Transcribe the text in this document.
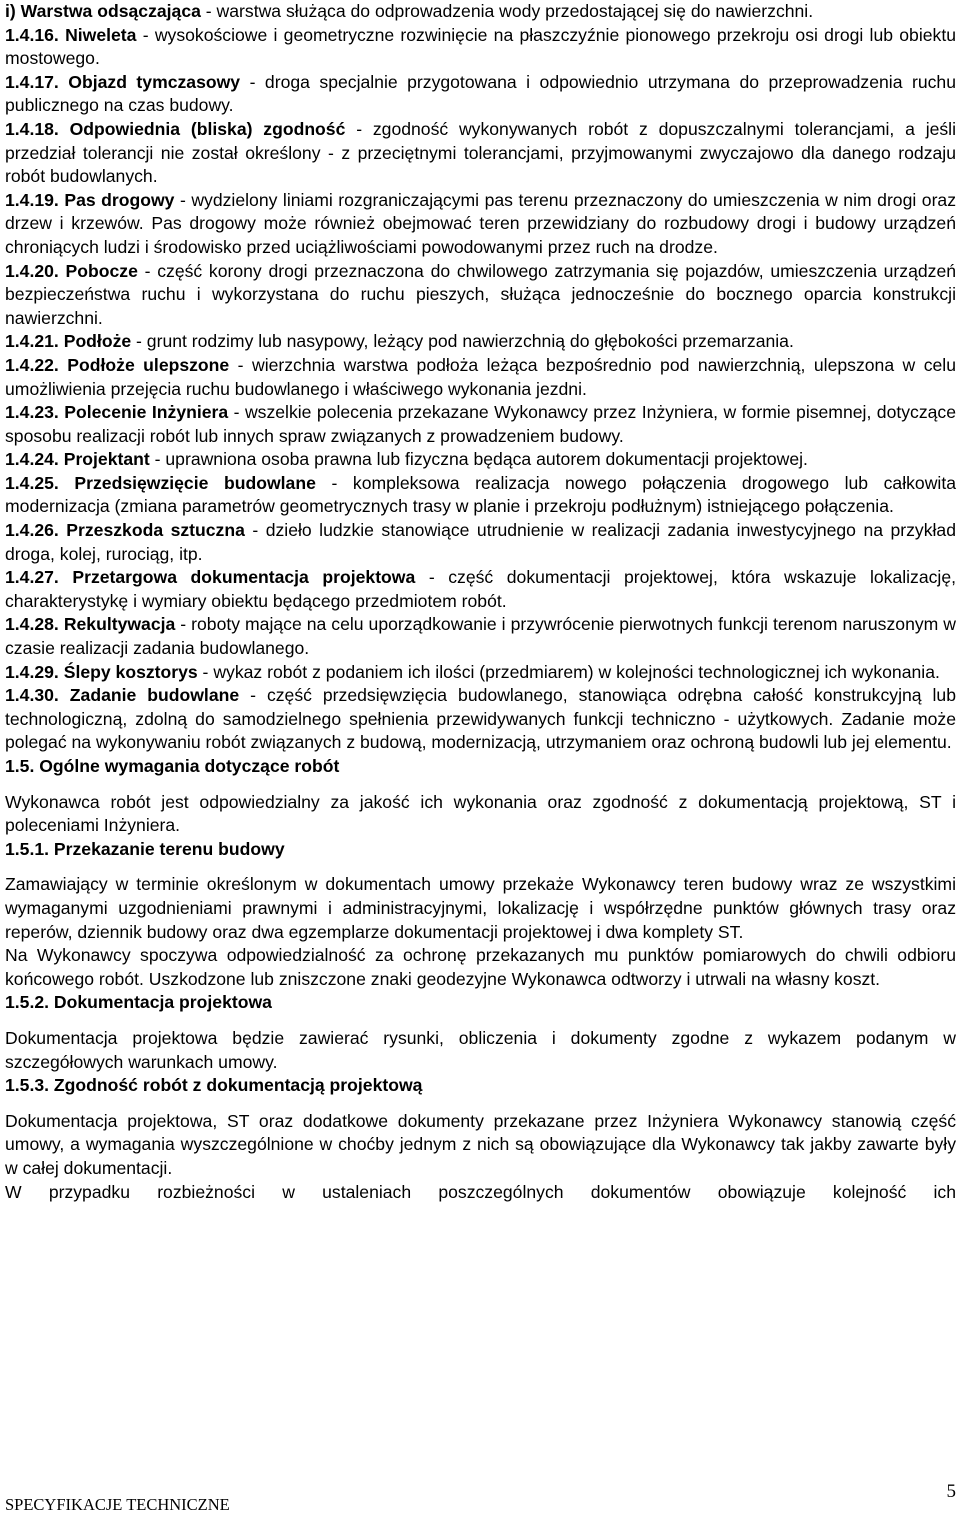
i) Warstwa odsączająca - warstwa służąca do odprowadzenia wody przedostającej się do nawierzchni.

1.4.16. Niweleta - wysokościowe i geometryczne rozwinięcie na płaszczyźnie pionowego przekroju osi drogi lub obiektu mostowego.

1.4.17. Objazd tymczasowy - droga specjalnie przygotowana i odpowiednio utrzymana do przeprowadzenia ruchu publicznego na czas budowy.

1.4.18. Odpowiednia (bliska) zgodność - zgodność wykonywanych robót z dopuszczalnymi tolerancjami, a jeśli przedział tolerancji nie został określony - z przeciętnymi tolerancjami, przyjmowanymi zwyczajowo dla danego rodzaju robót budowlanych.

1.4.19. Pas drogowy - wydzielony liniami rozgraniczającymi pas terenu przeznaczony do umieszczenia w nim drogi oraz drzew i krzewów. Pas drogowy może również obejmować teren przewidziany do rozbudowy drogi i budowy urządzeń chroniących ludzi i środowisko przed uciążliwościami powodowanymi przez ruch na drodze.

1.4.20. Pobocze - część korony drogi przeznaczona do chwilowego zatrzymania się pojazdów, umieszczenia urządzeń bezpieczeństwa ruchu i wykorzystana do ruchu pieszych, służąca jednocześnie do bocznego oparcia konstrukcji nawierzchni.

1.4.21. Podłoże - grunt rodzimy lub nasypowy, leżący pod nawierzchnią do głębokości przemarzania.

1.4.22. Podłoże ulepszone - wierzchnia warstwa podłoża leżąca bezpośrednio pod nawierzchnią, ulepszona w celu umożliwienia przejęcia ruchu budowlanego i właściwego wykonania jezdni.

1.4.23. Polecenie Inżyniera - wszelkie polecenia przekazane Wykonawcy przez Inżyniera, w formie pisemnej, dotyczące sposobu realizacji robót lub innych spraw związanych z prowadzeniem budowy.

1.4.24. Projektant - uprawniona osoba prawna lub fizyczna będąca autorem dokumentacji projektowej.

1.4.25. Przedsięwzięcie budowlane - kompleksowa realizacja nowego połączenia drogowego lub całkowita modernizacja (zmiana parametrów geometrycznych trasy w planie i przekroju podłużnym) istniejącego połączenia.

1.4.26. Przeszkoda sztuczna - dzieło ludzkie stanowiące utrudnienie w realizacji zadania inwestycyjnego na przykład droga, kolej, rurociąg, itp.

1.4.27. Przetargowa dokumentacja projektowa - część dokumentacji projektowej, która wskazuje lokalizację, charakterystykę i wymiary obiektu będącego przedmiotem robót.

1.4.28. Rekultywacja - roboty mające na celu uporządkowanie i przywrócenie pierwotnych funkcji terenom naruszonym w czasie realizacji zadania budowlanego.

1.4.29. Ślepy kosztorys - wykaz robót z podaniem ich ilości (przedmiarem) w kolejności technologicznej ich wykonania.

1.4.30. Zadanie budowlane - część przedsięwzięcia budowlanego, stanowiąca odrębna całość konstrukcyjną lub technologiczną, zdolną do samodzielnego spełnienia przewidywanych funkcji techniczno - użytkowych. Zadanie może polegać na wykonywaniu robót związanych z budową, modernizacją, utrzymaniem oraz ochroną budowli lub jej elementu.

1.5. Ogólne wymagania dotyczące robót

Wykonawca robót jest odpowiedzialny za jakość ich wykonania oraz zgodność z dokumentacją projektową, ST i poleceniami Inżyniera.

1.5.1. Przekazanie terenu budowy

Zamawiający w terminie określonym w dokumentach umowy przekaże Wykonawcy teren budowy wraz ze wszystkimi wymaganymi uzgodnieniami prawnymi i administracyjnymi, lokalizację i współrzędne punktów głównych trasy oraz reperów, dziennik budowy oraz dwa egzemplarze dokumentacji projektowej i dwa komplety ST.

Na Wykonawcy spoczywa odpowiedzialność za ochronę przekazanych mu punktów pomiarowych do chwili odbioru końcowego robót. Uszkodzone lub zniszczone znaki geodezyjne Wykonawca odtworzy i utrwali na własny koszt.

1.5.2. Dokumentacja projektowa

Dokumentacja projektowa będzie zawierać rysunki, obliczenia i dokumenty zgodne z wykazem podanym w szczegółowych warunkach umowy.

1.5.3. Zgodność robót z dokumentacją projektową

Dokumentacja projektowa, ST oraz dodatkowe dokumenty przekazane przez Inżyniera Wykonawcy stanowią część umowy, a wymagania wyszczególnione w choćby jednym z nich są obowiązujące dla Wykonawcy tak jakby zawarte były w całej dokumentacji.

W przypadku rozbieżności w ustaleniach poszczególnych dokumentów obowiązuje kolejność ich

SPECYFIKACJE TECHNICZNE
5
